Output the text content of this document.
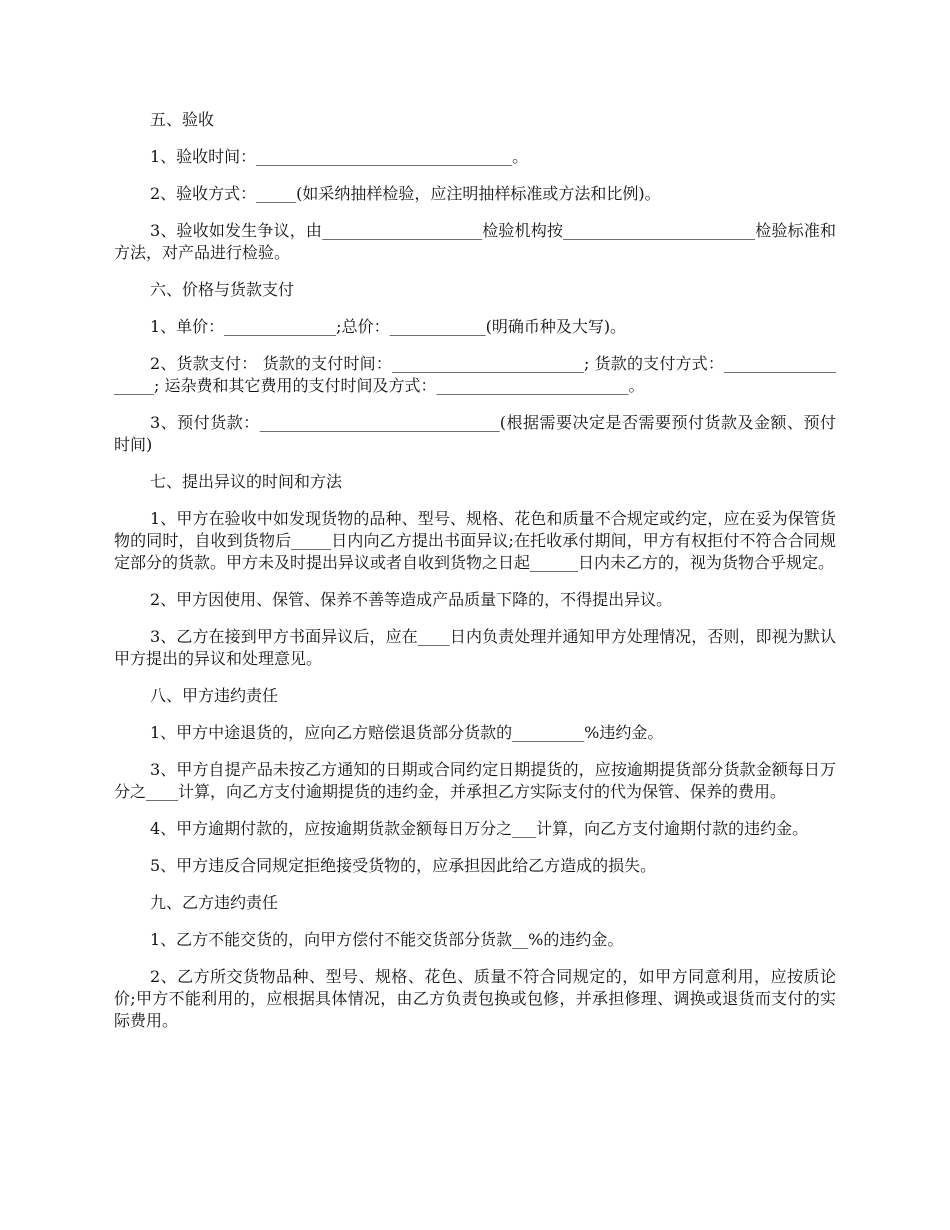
五、验收

1、验收时间：________________________________。

2、验收方式：_____(如采纳抽样检验，应注明抽样标准或方法和比例)。

3、验收如发生争议，由____________________检验机构按________________________检验标准和方法，对产品进行检验。

六、价格与货款支付

1、单价：______________;总价：____________(明确币种及大写)。

2、货款支付： 货款的支付时间：________________________; 货款的支付方式：___________________; 运杂费和其它费用的支付时间及方式：________________________。

3、预付货款：______________________________(根据需要决定是否需要预付货款及金额、预付时间)

七、提出异议的时间和方法

1、甲方在验收中如发现货物的品种、型号、规格、花色和质量不合规定或约定，应在妥为保管货物的同时，自收到货物后_____日内向乙方提出书面异议;在托收承付期间，甲方有权拒付不符合合同规定部分的货款。甲方未及时提出异议或者自收到货物之日起______日内未乙方的，视为货物合乎规定。

2、甲方因使用、保管、保养不善等造成产品质量下降的，不得提出异议。

3、乙方在接到甲方书面异议后，应在____日内负责处理并通知甲方处理情况，否则，即视为默认甲方提出的异议和处理意见。

八、甲方违约责任

1、甲方中途退货的，应向乙方赔偿退货部分货款的_________%违约金。

3、甲方自提产品未按乙方通知的日期或合同约定日期提货的，应按逾期提货部分货款金额每日万分之____计算，向乙方支付逾期提货的违约金，并承担乙方实际支付的代为保管、保养的费用。

4、甲方逾期付款的，应按逾期货款金额每日万分之___计算，向乙方支付逾期付款的违约金。

5、甲方违反合同规定拒绝接受货物的，应承担因此给乙方造成的损失。

九、乙方违约责任

1、乙方不能交货的，向甲方偿付不能交货部分货款__%的违约金。

2、乙方所交货物品种、型号、规格、花色、质量不符合同规定的，如甲方同意利用，应按质论价;甲方不能利用的，应根据具体情况，由乙方负责包换或包修，并承担修理、调换或退货而支付的实际费用。
